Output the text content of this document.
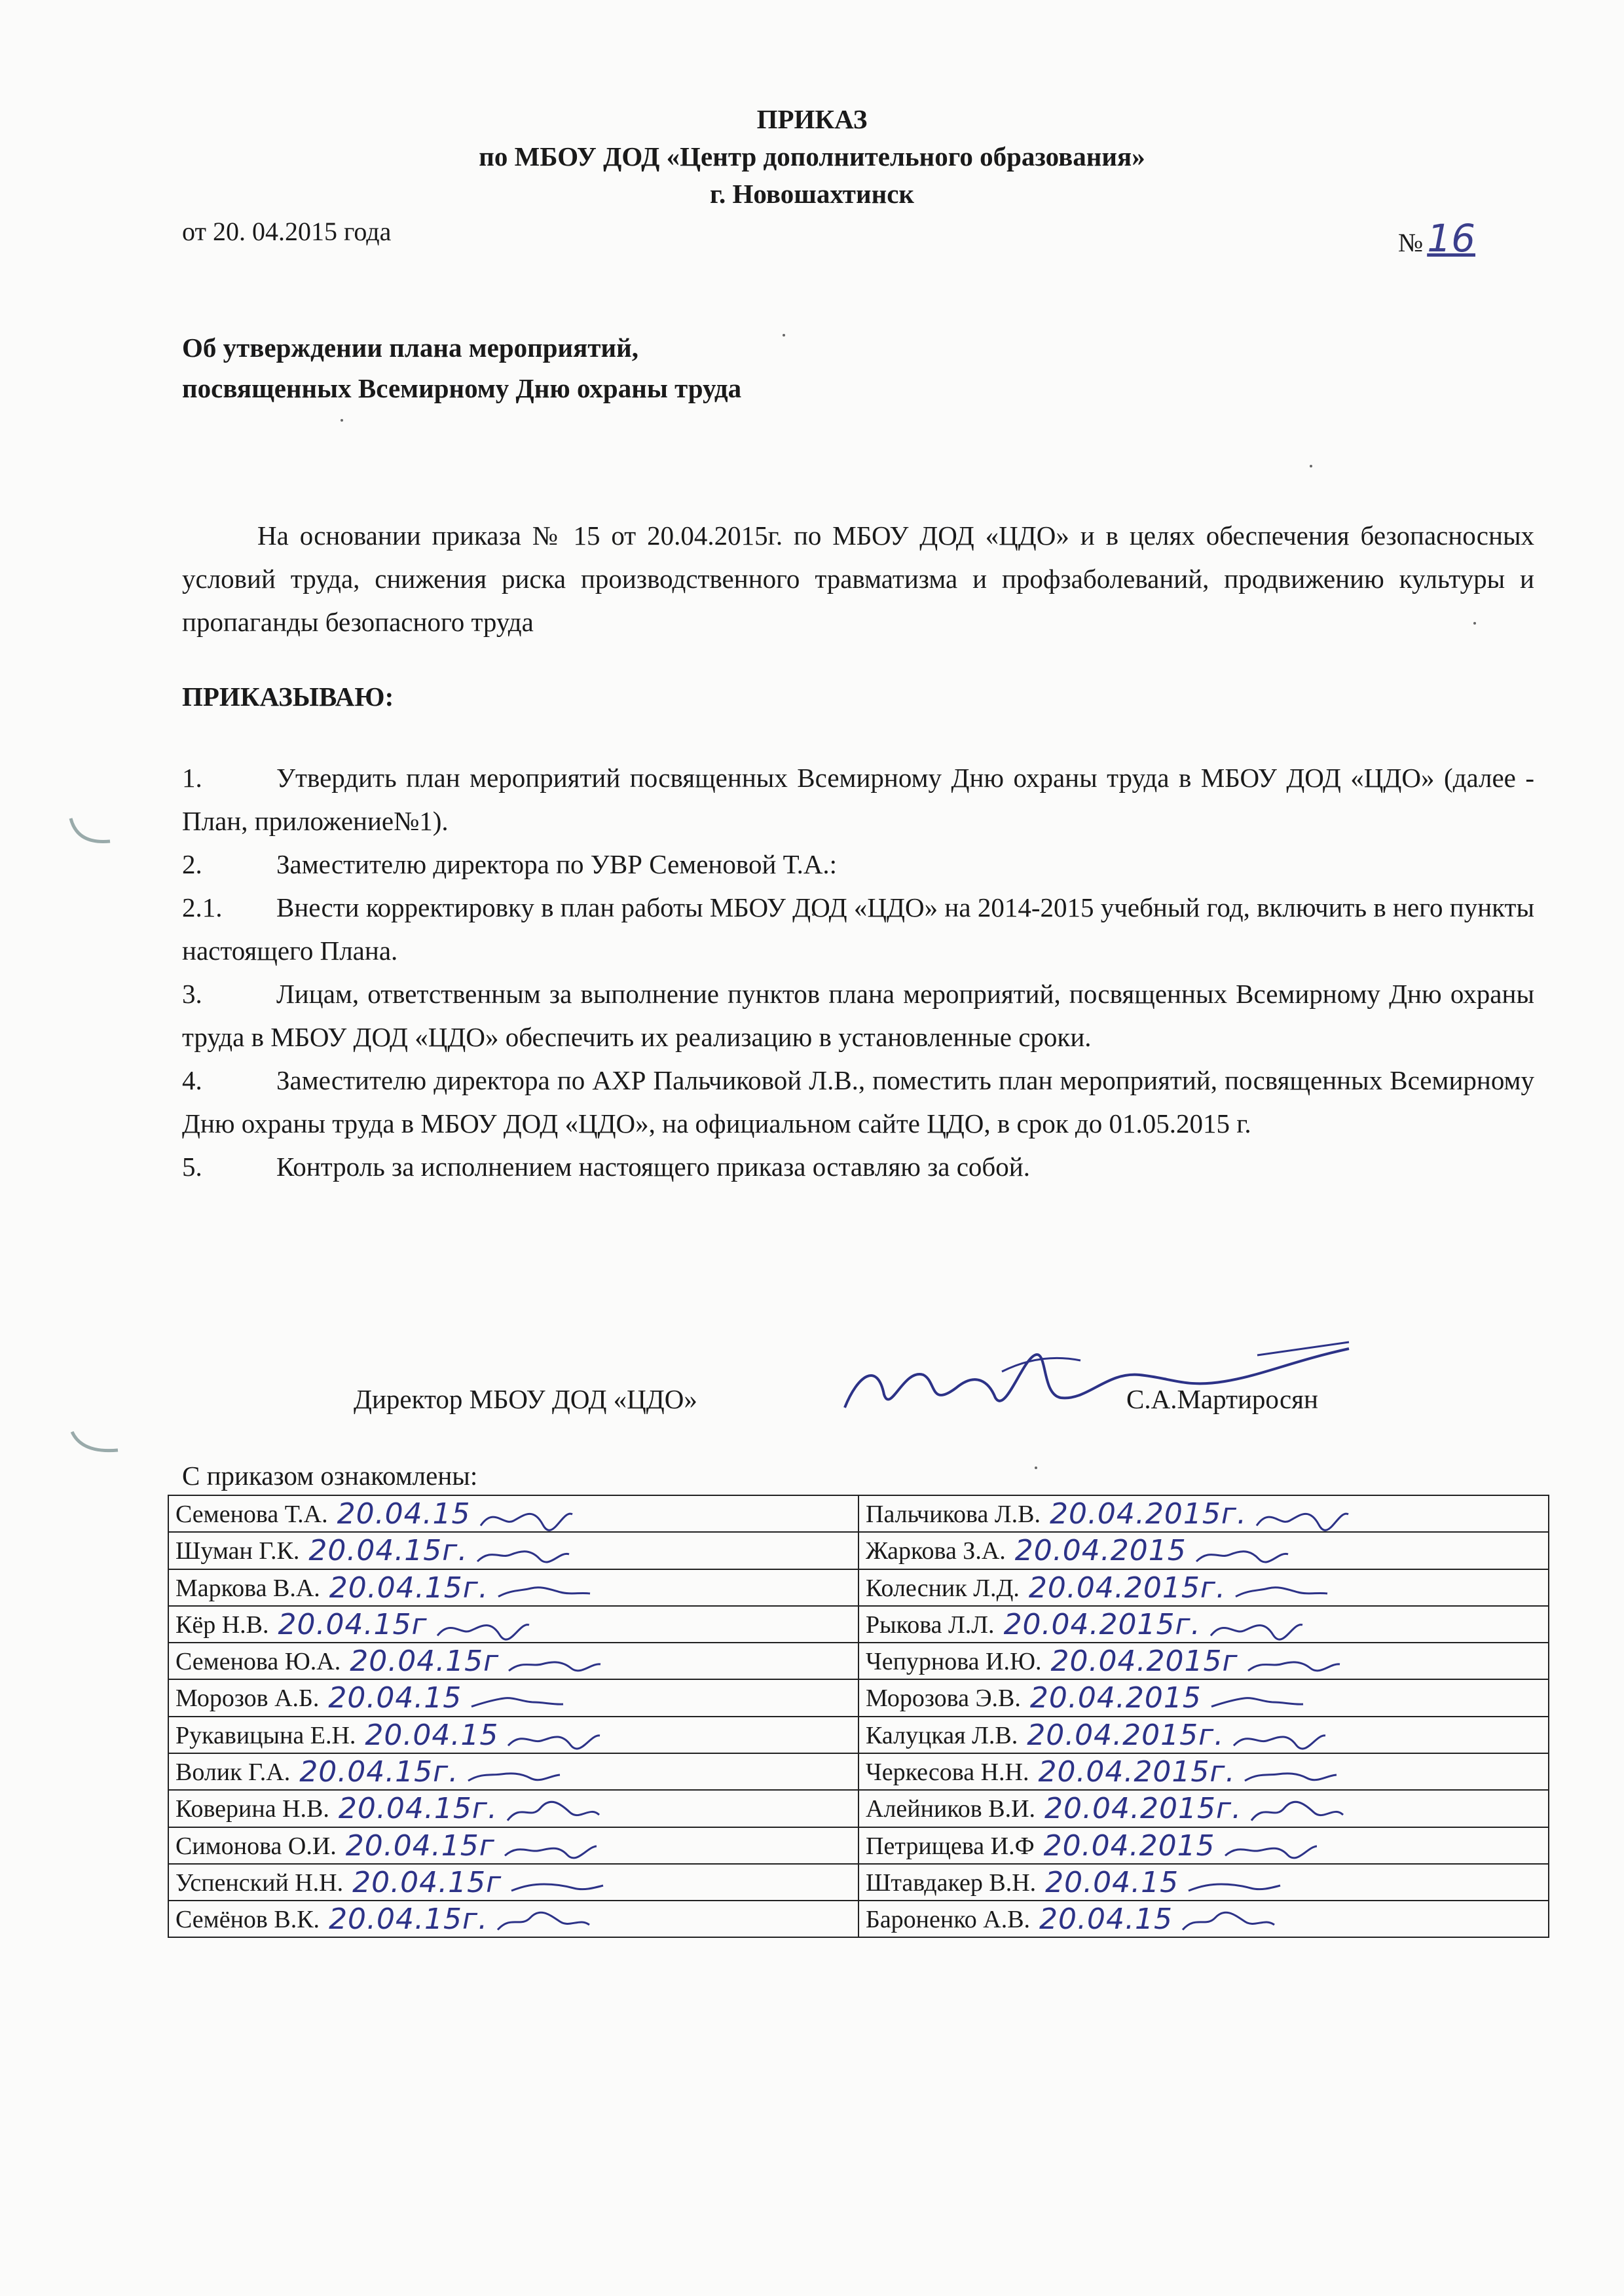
ПРИКАЗ
по МБОУ ДОД «Центр дополнительного образования»
г. Новошахтинск
от 20. 04.2015 года	№ 16
Об утверждении плана мероприятий,
посвященных Всемирному Дню охраны труда
На основании приказа № 15 от 20.04.2015г. по МБОУ ДОД «ЦДО» и в целях обеспечения безопасносных условий труда, снижения риска производственного травматизма и профзаболеваний, продвижению культуры и пропаганды безопасного труда
ПРИКАЗЫВАЮ:
1.	Утвердить план мероприятий посвященных Всемирному Дню охраны труда в МБОУ ДОД «ЦДО» (далее - План, приложение№1).
2.	Заместителю директора по УВР Семеновой Т.А.:
2.1. Внести корректировку в план работы МБОУ ДОД «ЦДО» на 2014-2015 учебный год, включить в него пункты настоящего Плана.
3.	Лицам, ответственным за выполнение пунктов плана мероприятий, посвященных Всемирному Дню охраны труда в МБОУ ДОД «ЦДО» обеспечить их реализацию в установленные сроки.
4.	Заместителю директора по АХР Пальчиковой Л.В., поместить план мероприятий, посвященных Всемирному Дню охраны труда в МБОУ ДОД «ЦДО», на официальном сайте ЦДО, в срок до 01.05.2015 г.
5.	Контроль за исполнением настоящего приказа оставляю за собой.
Директор МБОУ ДОД «ЦДО»	С.А.Мартиросян
С приказом ознакомлены:
Семенова Т.А. 20.04.15	Пальчикова Л.В. 20.04.2015г.
Шуман Г.К. 20.04.15г.	Жаркова З.А. 20.04.2015
Маркова В.А. 20.04.15г.	Колесник Л.Д. 20.04.2015г.
Кёр Н.В. 20.04.15г	Рыкова Л.Л. 20.04.2015г.
Семенова Ю.А. 20.04.15г	Чепурнова И.Ю. 20.04.2015г
Морозов А.Б. 20.04.15	Морозова Э.В. 20.04.2015
Рукавицына Е.Н. 20.04.15	Калуцкая Л.В. 20.04.2015г.
Волик Г.А. 20.04.15г.	Черкесова Н.Н. 20.04.2015г.
Коверина Н.В. 20.04.15г.	Алейников В.И. 20.04.2015г.
Симонова О.И. 20.04.15г	Петрищева И.Ф 20.04.2015
Успенский Н.Н. 20.04.15г	Штавдакер В.Н. 20.04.15
Семёнов В.К. 20.04.15г.	Бароненко А.В. 20.04.15
